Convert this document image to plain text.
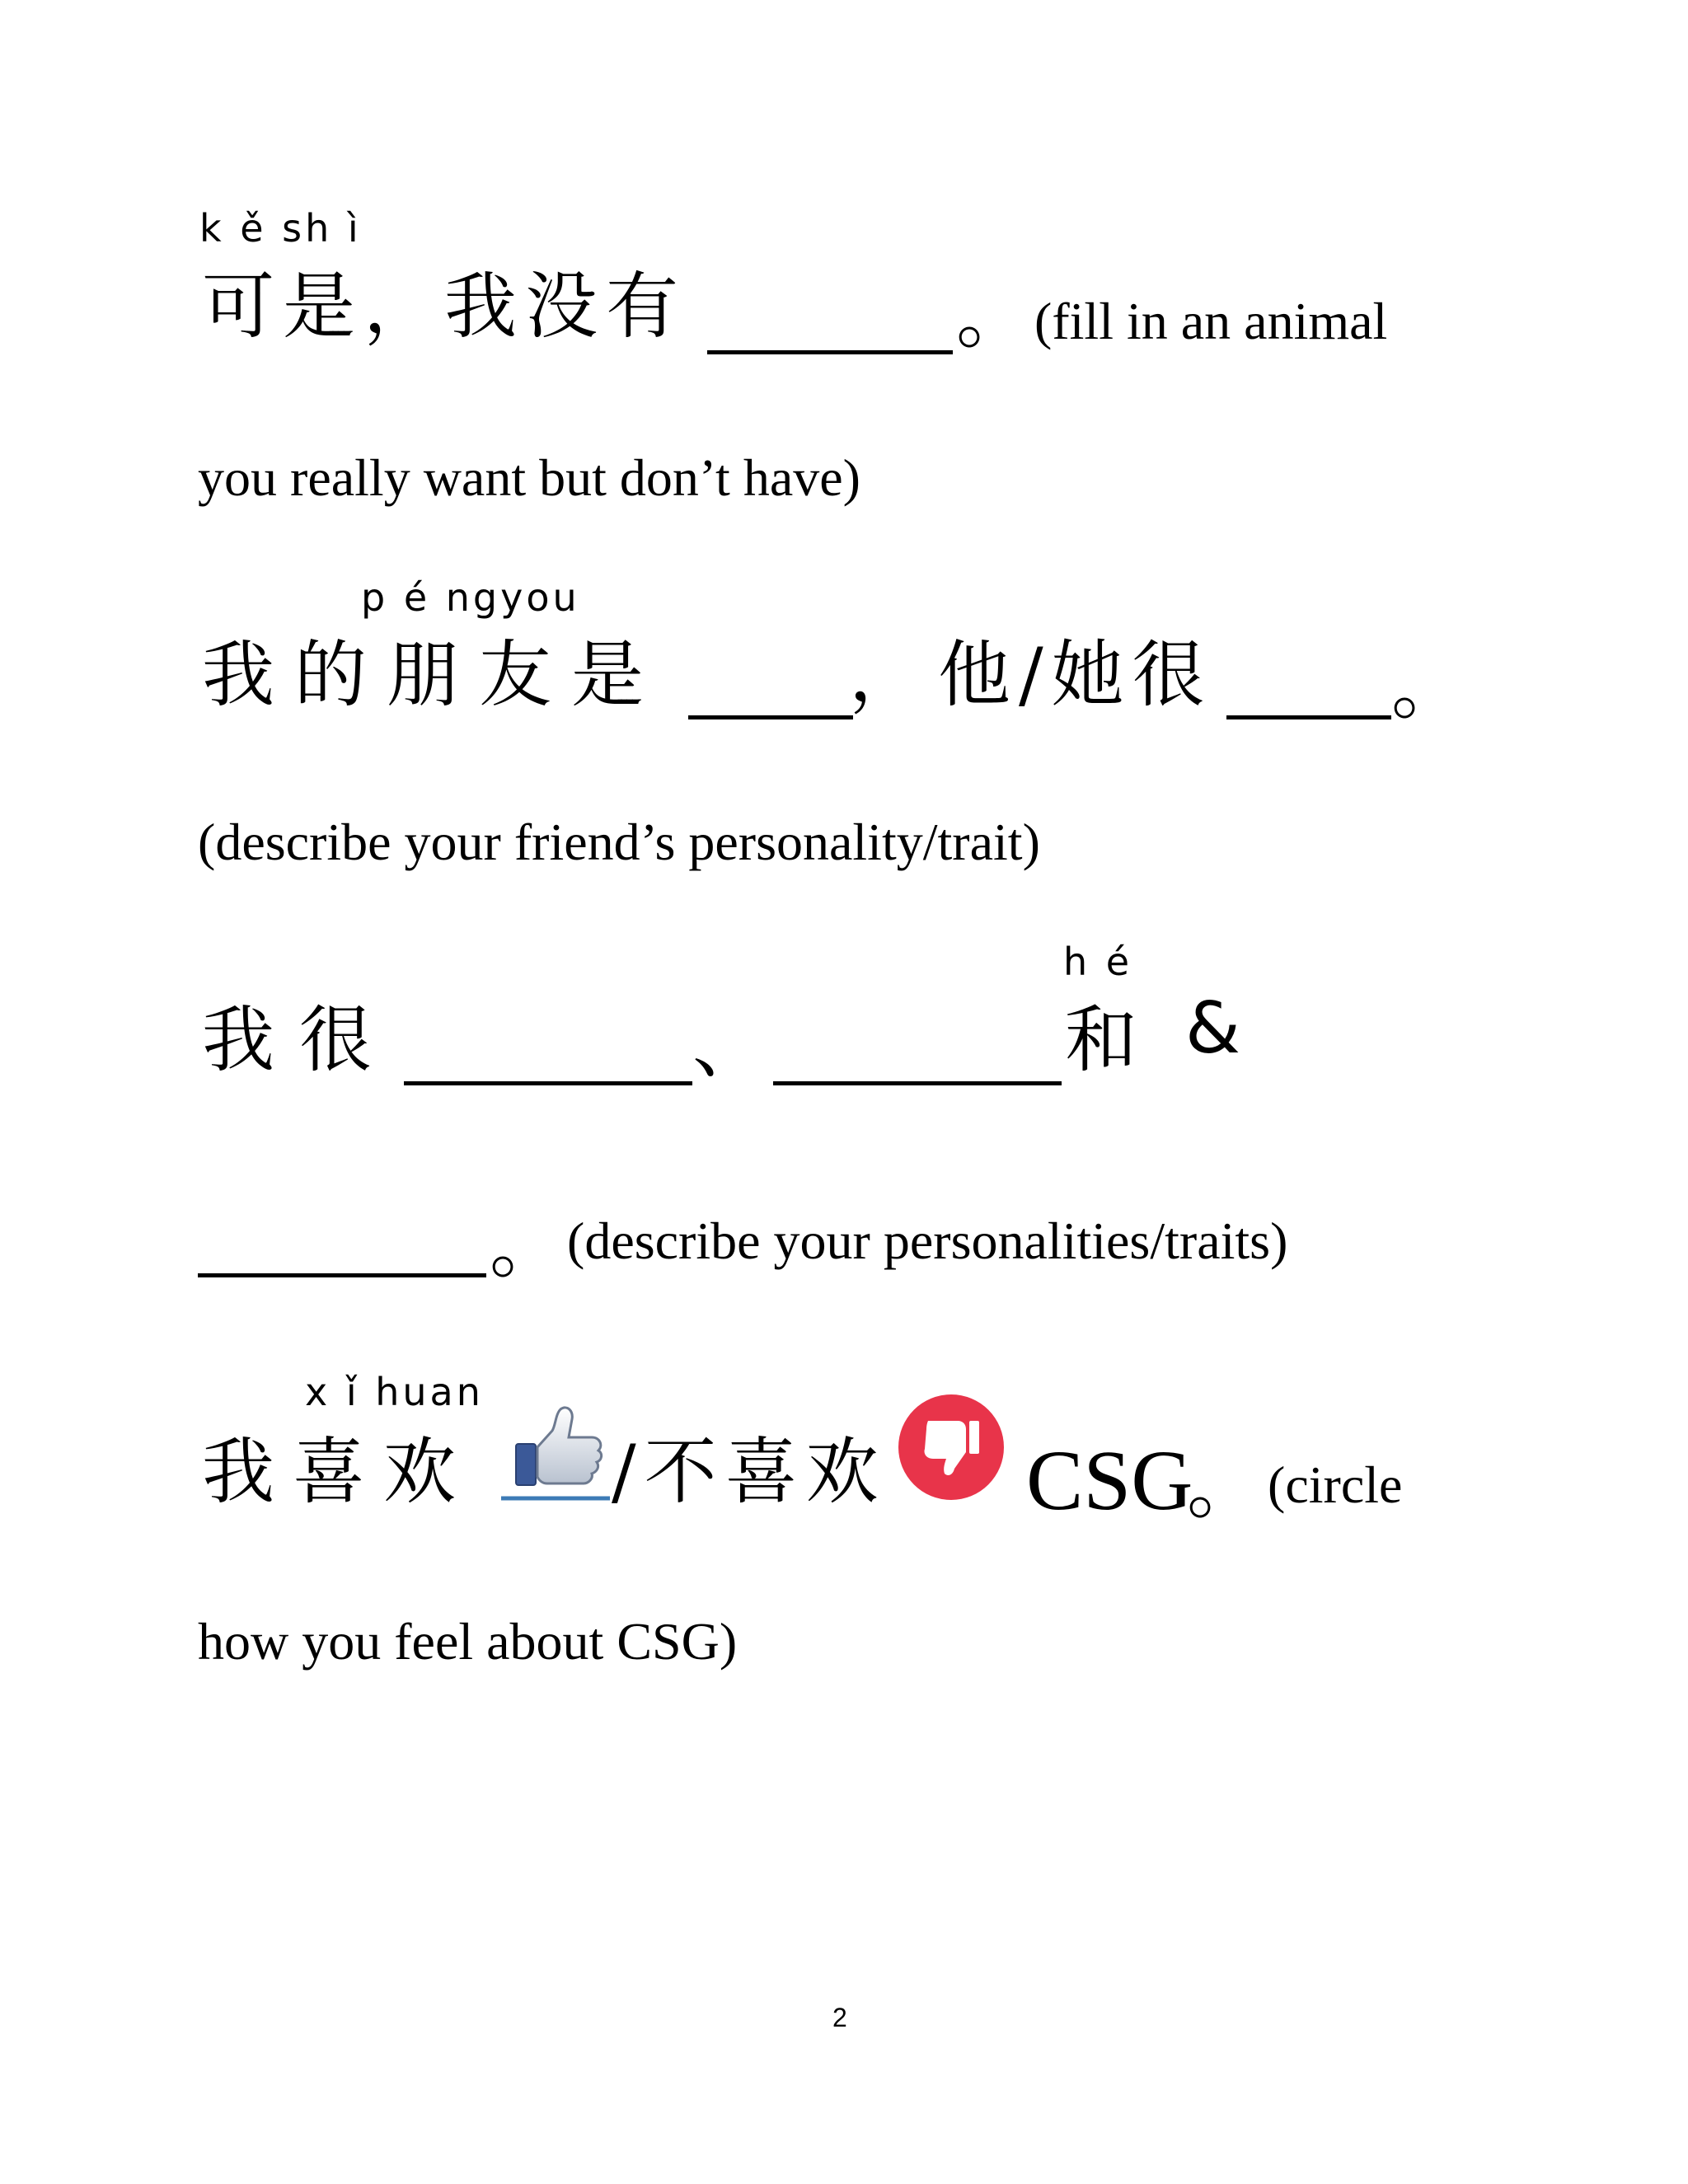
k ě sh ì
可是，我没有	。
(fill in an animal
you really want but don’t have)
p é ngyou
我的朋友是	， 他/她很 。
(describe your friend’s personality/trait)
h é
我很	、	和 &
。
(describe your personalities/traits)
x ǐ huan
我喜欢 /不喜欢 CSG
。 (circle
how you feel about CSG)
2
